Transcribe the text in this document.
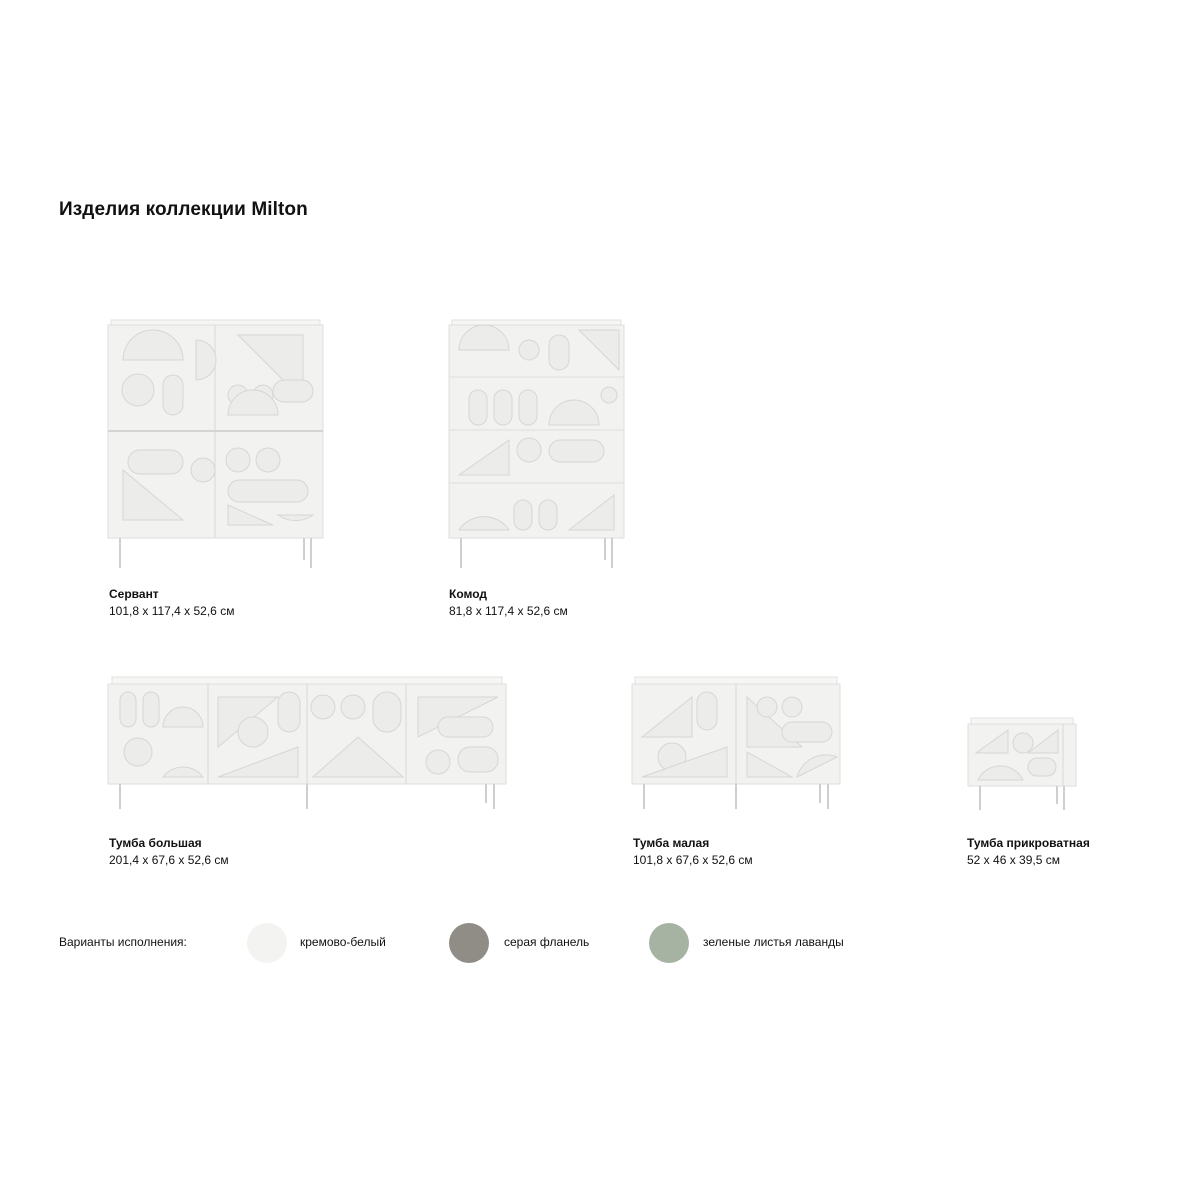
Изделия коллекции Milton
Сервант
101,8 x 117,4 x 52,6 см
Комод
81,8 x 117,4 x 52,6 см
Тумба большая
201,4 x 67,6 x 52,6 см
Тумба малая
101,8 x 67,6 x 52,6 см
Тумба прикроватная
52 x 46 x 39,5 см
Варианты исполнения:	кремово-белый	серая фланель	зеленые листья лаванды
